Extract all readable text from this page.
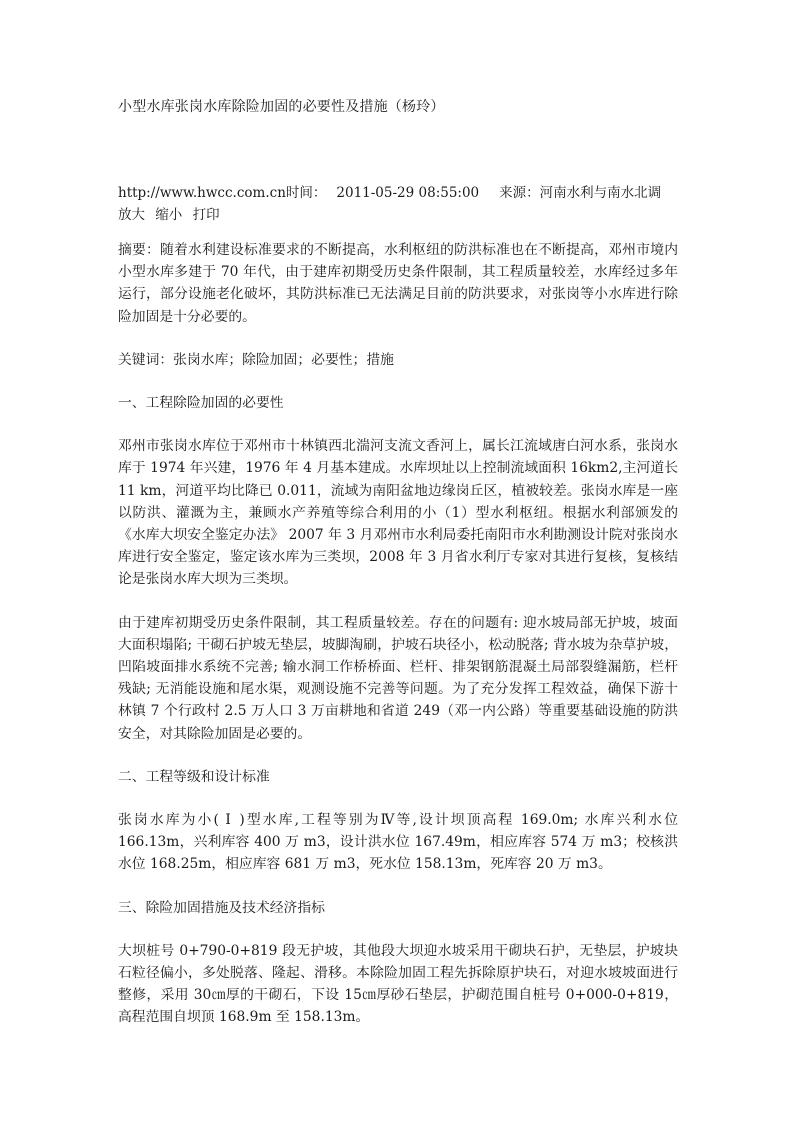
小型水库张岗水库除险加固的必要性及措施（杨玲）
http://www.hwcc.com.cn时间： 2011-05-29 08:55:00 来源：河南水利与南水北调
放大 缩小 打印

摘要：随着水利建设标准要求的不断提高，水利枢纽的防洪标准也在不断提高，邓州市境内小型水库多建于 70 年代，由于建库初期受历史条件限制，其工程质量较差，水库经过多年运行，部分设施老化破坏，其防洪标准已无法满足目前的防洪要求，对张岗等小水库进行除险加固是十分必要的。

关键词：张岗水库；除险加固；必要性；措施

一、工程除险加固的必要性

邓州市张岗水库位于邓州市十林镇西北湍河支流文香河上，属长江流域唐白河水系，张岗水库于 1974 年兴建，1976 年 4 月基本建成。水库坝址以上控制流域面积 16km2,主河道长 11 km，河道平均比降已 0.011，流域为南阳盆地边缘岗丘区，植被较差。张岗水库是一座以防洪、灌溉为主，兼顾水产养殖等综合利用的小（1）型水利枢纽。根据水利部颁发的《水库大坝安全鉴定办法》 2007 年 3 月邓州市水利局委托南阳市水利勘测设计院对张岗水库进行安全鉴定，鉴定该水库为三类坝，2008 年 3 月省水利厅专家对其进行复核，复核结论是张岗水库大坝为三类坝。

由于建库初期受历史条件限制，其工程质量较差。存在的问题有: 迎水坡局部无护坡，坡面大面积塌陷; 干砌石护坡无垫层，坡脚淘刷，护坡石块径小，松动脱落; 背水坡为杂草护坡，凹陷坡面排水系统不完善; 输水洞工作桥桥面、栏杆、排架钢筋混凝土局部裂缝漏筋，栏杆残缺; 无消能设施和尾水渠，观测设施不完善等问题。为了充分发挥工程效益，确保下游十林镇 7 个行政村 2.5 万人口 3 万亩耕地和省道 249（邓一内公路）等重要基础设施的防洪安全，对其除险加固是必要的。

二、工程等级和设计标准

张岗水库为小( Ⅰ )型水库,工程等别为Ⅳ等,设计坝顶高程 169.0m; 水库兴利水位 166.13m，兴利库容 400 万 m3，设计洪水位 167.49m，相应库容 574 万 m3；校核洪水位 168.25m，相应库容 681 万 m3，死水位 158.13m，死库容 20 万 m3。

三、除险加固措施及技术经济指标

大坝桩号 0+790-0+819 段无护坡，其他段大坝迎水坡采用干砌块石护，无垫层，护坡块石粒径偏小，多处脱落、隆起、滑移。本除险加固工程先拆除原护块石，对迎水坡坡面进行整修，采用 30㎝厚的干砌石，下设 15㎝厚砂石垫层，护砌范围自桩号 0+000-0+819，高程范围自坝顶 168.9m 至 158.13m。
